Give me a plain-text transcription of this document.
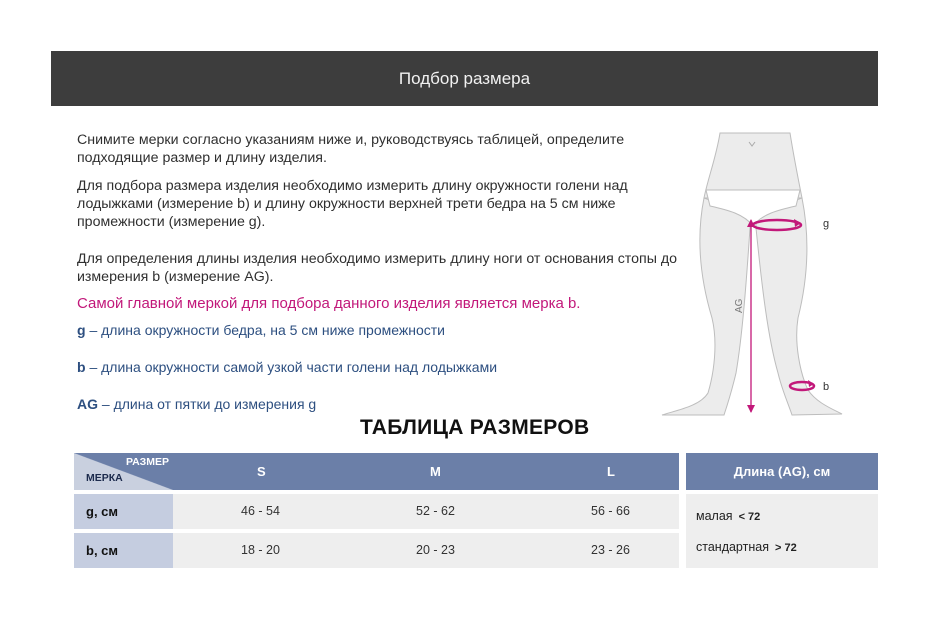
Подбор размера
Снимите мерки согласно указаниям ниже и, руководствуясь таблицей, определите подходящие размер и длину изделия.
Для подбора размера изделия необходимо измерить длину окружности голени над лодыжками (измерение b) и длину окружности верхней трети бедра на 5 см ниже промежности (измерение g).
Для определения длины изделия необходимо измерить длину ноги от основания стопы до измерения b (измерение AG).
Самой главной меркой для подбора данного изделия является мерка b.
g – длина окружности бедра, на 5 см ниже промежности
b – длина окружности самой узкой части голени над лодыжками
AG – длина от пятки до измерения g
AG
g
b
ТАБЛИЦА РАЗМЕРОВ
РАЗМЕР
МЕРКА	S	M	L	Длина (AG), см
g, см	46 - 54	52 - 62	56 - 66
b, см	18 - 20	20 - 23	23 - 26
малая < 72
стандартная > 72
